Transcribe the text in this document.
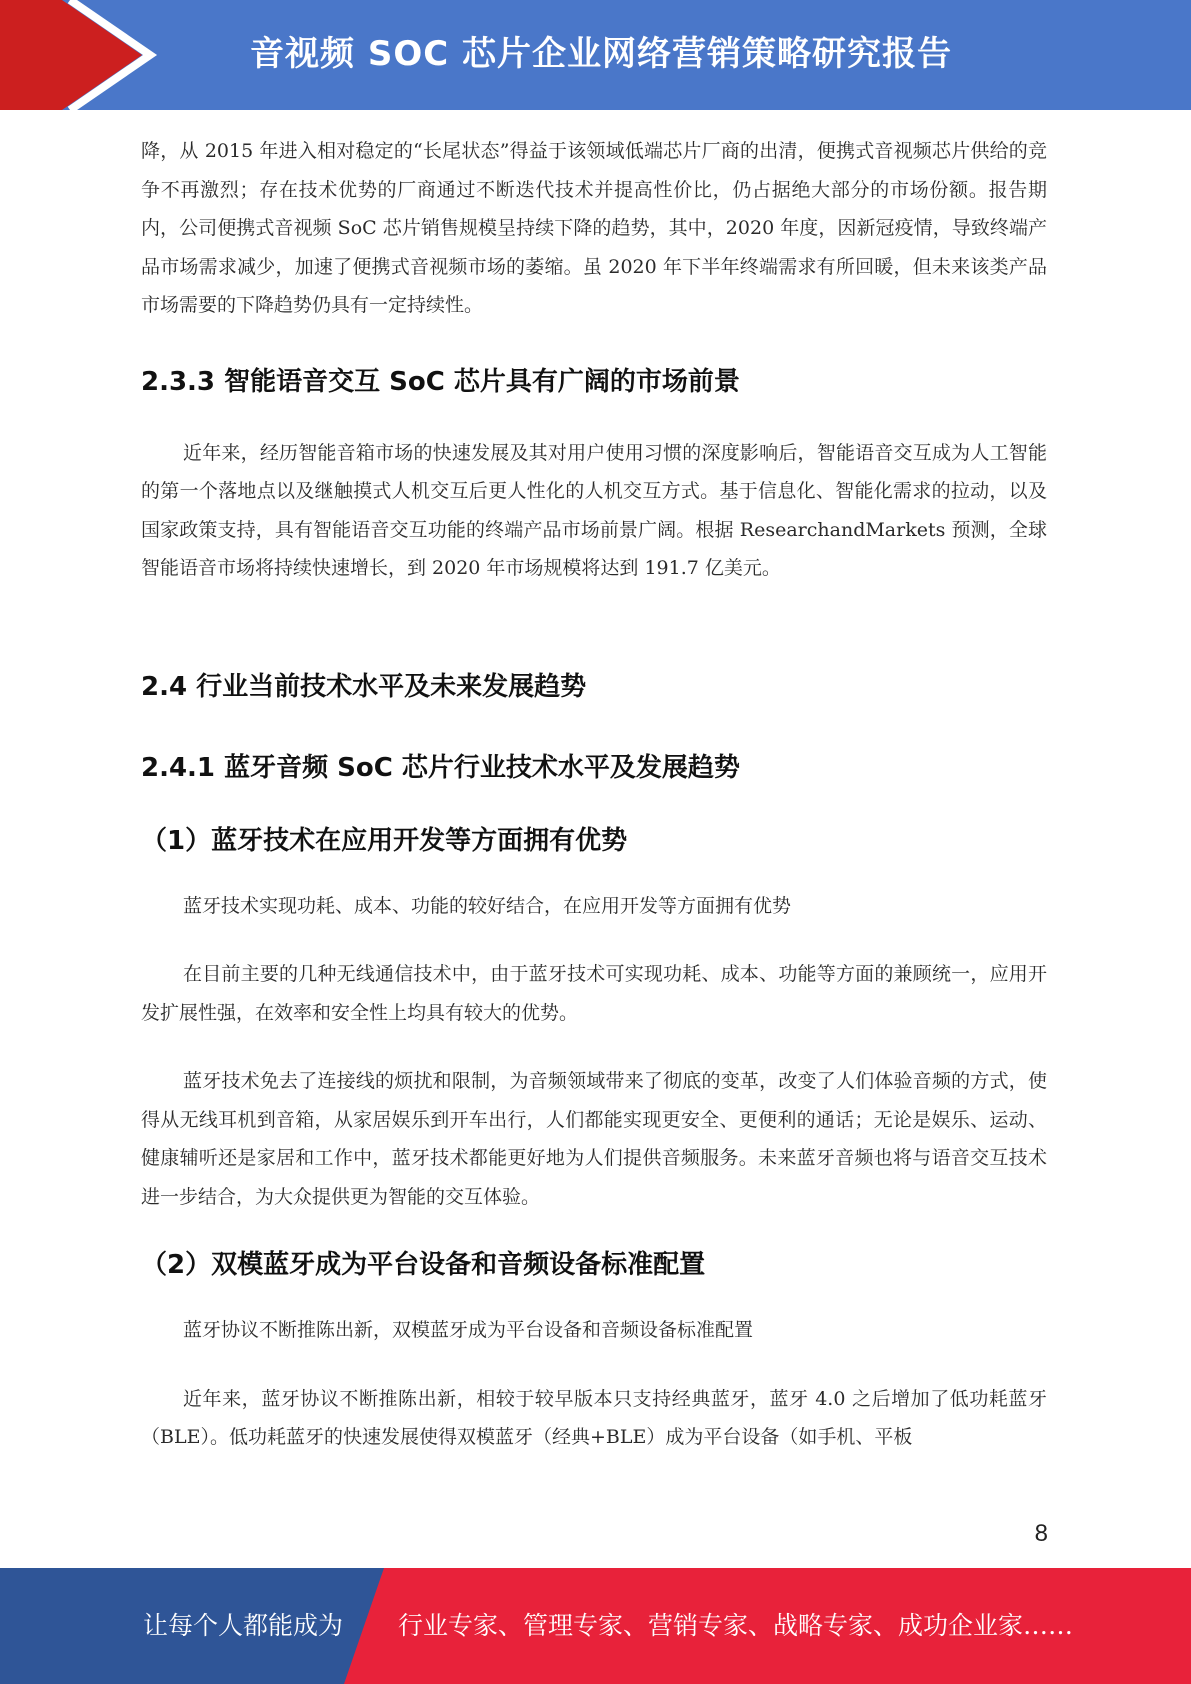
音视频 SOC 芯片企业网络营销策略研究报告

降，从 2015 年进入相对稳定的“长尾状态”得益于该领域低端芯片厂商的出清，便携式音视频芯片供给的竞争不再激烈；存在技术优势的厂商通过不断迭代技术并提高性价比，仍占据绝大部分的市场份额。报告期内，公司便携式音视频 SoC 芯片销售规模呈持续下降的趋势，其中，2020 年度，因新冠疫情，导致终端产品市场需求减少，加速了便携式音视频市场的萎缩。虽 2020 年下半年终端需求有所回暖，但未来该类产品市场需要的下降趋势仍具有一定持续性。

2.3.3 智能语音交互 SoC 芯片具有广阔的市场前景

近年来，经历智能音箱市场的快速发展及其对用户使用习惯的深度影响后，智能语音交互成为人工智能的第一个落地点以及继触摸式人机交互后更人性化的人机交互方式。基于信息化、智能化需求的拉动，以及国家政策支持，具有智能语音交互功能的终端产品市场前景广阔。根据 ResearchandMarkets 预测，全球智能语音市场将持续快速增长，到 2020 年市场规模将达到 191.7 亿美元。

2.4 行业当前技术水平及未来发展趋势
2.4.1 蓝牙音频 SoC 芯片行业技术水平及发展趋势
（1）蓝牙技术在应用开发等方面拥有优势

蓝牙技术实现功耗、成本、功能的较好结合，在应用开发等方面拥有优势

在目前主要的几种无线通信技术中，由于蓝牙技术可实现功耗、成本、功能等方面的兼顾统一，应用开发扩展性强，在效率和安全性上均具有较大的优势。

蓝牙技术免去了连接线的烦扰和限制，为音频领域带来了彻底的变革，改变了人们体验音频的方式，使得从无线耳机到音箱，从家居娱乐到开车出行，人们都能实现更安全、更便利的通话；无论是娱乐、运动、健康辅听还是家居和工作中，蓝牙技术都能更好地为人们提供音频服务。未来蓝牙音频也将与语音交互技术进一步结合，为大众提供更为智能的交互体验。

（2）双模蓝牙成为平台设备和音频设备标准配置

蓝牙协议不断推陈出新，双模蓝牙成为平台设备和音频设备标准配置

近年来，蓝牙协议不断推陈出新，相较于较早版本只支持经典蓝牙，蓝牙 4.0 之后增加了低功耗蓝牙（BLE）。低功耗蓝牙的快速发展使得双模蓝牙（经典+BLE）成为平台设备（如手机、平板

8
让每个人都能成为 行业专家、管理专家、营销专家、战略专家、成功企业家……
